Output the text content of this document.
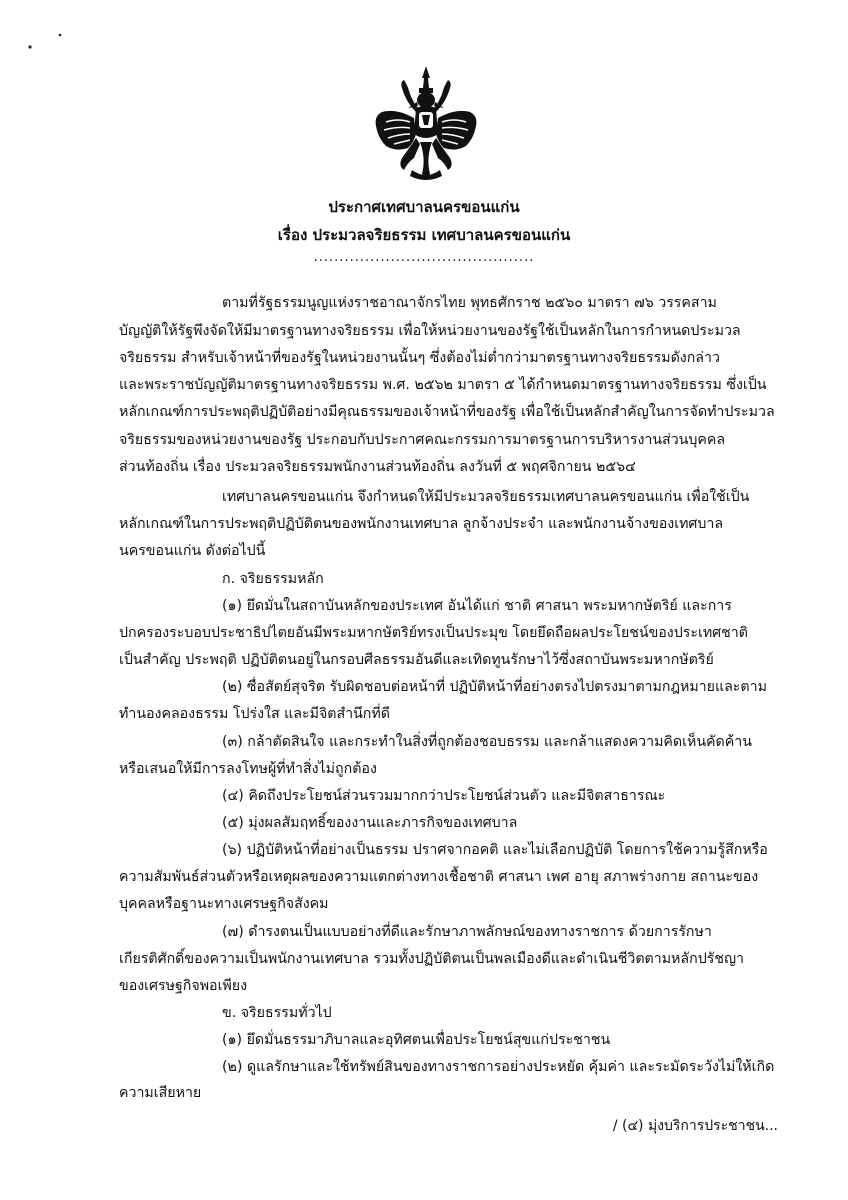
ประกาศเทศบาลนครขอนแก่น
เรื่อง ประมวลจริยธรรม เทศบาลนครขอนแก่น
...........................................
ตามที่รัฐธรรมนูญแห่งราชอาณาจักรไทย พุทธศักราช ๒๕๖๐ มาตรา ๗๖ วรรคสาม
บัญญัติให้รัฐพึงจัดให้มีมาตรฐานทางจริยธรรม เพื่อให้หน่วยงานของรัฐใช้เป็นหลักในการกำหนดประมวล
จริยธรรม สำหรับเจ้าหน้าที่ของรัฐในหน่วยงานนั้นๆ ซึ่งต้องไม่ต่ำกว่ามาตรฐานทางจริยธรรมดังกล่าว
และพระราชบัญญัติมาตรฐานทางจริยธรรม พ.ศ. ๒๕๖๒ มาตรา ๕ ได้กำหนดมาตรฐานทางจริยธรรม ซึ่งเป็น
หลักเกณฑ์การประพฤติปฏิบัติอย่างมีคุณธรรมของเจ้าหน้าที่ของรัฐ เพื่อใช้เป็นหลักสำคัญในการจัดทำประมวล
จริยธรรมของหน่วยงานของรัฐ ประกอบกับประกาศคณะกรรมการมาตรฐานการบริหารงานส่วนบุคคล
ส่วนท้องถิ่น เรื่อง ประมวลจริยธรรมพนักงานส่วนท้องถิ่น ลงวันที่ ๕ พฤศจิกายน ๒๕๖๔
เทศบาลนครขอนแก่น จึงกำหนดให้มีประมวลจริยธรรมเทศบาลนครขอนแก่น เพื่อใช้เป็น
หลักเกณฑ์ในการประพฤติปฏิบัติตนของพนักงานเทศบาล ลูกจ้างประจำ และพนักงานจ้างของเทศบาล
นครขอนแก่น ดังต่อไปนี้
ก. จริยธรรมหลัก
(๑) ยึดมั่นในสถาบันหลักของประเทศ อันได้แก่ ชาติ ศาสนา พระมหากษัตริย์ และการ
ปกครองระบอบประชาธิปไตยอันมีพระมหากษัตริย์ทรงเป็นประมุข โดยยึดถือผลประโยชน์ของประเทศชาติ
เป็นสำคัญ ประพฤติ ปฏิบัติตนอยู่ในกรอบศีลธรรมอันดีและเทิดทูนรักษาไว้ซึ่งสถาบันพระมหากษัตริย์
(๒) ซื่อสัตย์สุจริต รับผิดชอบต่อหน้าที่ ปฏิบัติหน้าที่อย่างตรงไปตรงมาตามกฎหมายและตาม
ทำนองคลองธรรม โปร่งใส และมีจิตสำนึกที่ดี
(๓) กล้าตัดสินใจ และกระทำในสิ่งที่ถูกต้องชอบธรรม และกล้าแสดงความคิดเห็นคัดค้าน
หรือเสนอให้มีการลงโทษผู้ที่ทำสิ่งไม่ถูกต้อง
(๔) คิดถึงประโยชน์ส่วนรวมมากกว่าประโยชน์ส่วนตัว และมีจิตสาธารณะ
(๕) มุ่งผลสัมฤทธิ์ของงานและภารกิจของเทศบาล
(๖) ปฏิบัติหน้าที่อย่างเป็นธรรม ปราศจากอคติ และไม่เลือกปฏิบัติ โดยการใช้ความรู้สึกหรือ
ความสัมพันธ์ส่วนตัวหรือเหตุผลของความแตกต่างทางเชื้อชาติ ศาสนา เพศ อายุ สภาพร่างกาย สถานะของ
บุคคลหรือฐานะทางเศรษฐกิจสังคม
(๗) ดำรงตนเป็นแบบอย่างที่ดีและรักษาภาพลักษณ์ของทางราชการ ด้วยการรักษา
เกียรติศักดิ์ของความเป็นพนักงานเทศบาล รวมทั้งปฏิบัติตนเป็นพลเมืองดีและดำเนินชีวิตตามหลักปรัชญา
ของเศรษฐกิจพอเพียง
ข. จริยธรรมทั่วไป
(๑) ยึดมั่นธรรมาภิบาลและอุทิศตนเพื่อประโยชน์สุขแก่ประชาชน
(๒) ดูแลรักษาและใช้ทรัพย์สินของทางราชการอย่างประหยัด คุ้มค่า และระมัดระวังไม่ให้เกิด
ความเสียหาย
/ (๔) มุ่งบริการประชาชน...
